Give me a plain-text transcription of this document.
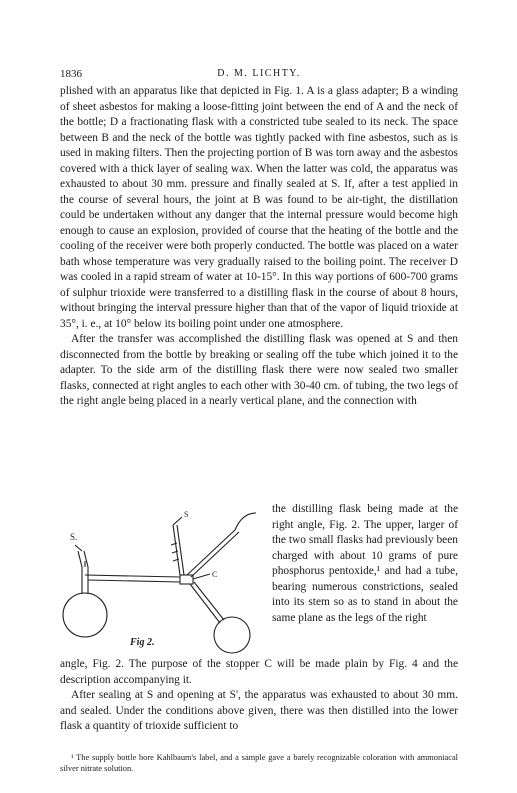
1836	D. M. LICHTY.

plished with an apparatus like that depicted in Fig. 1. A is a glass adapter; B a winding of sheet asbestos for making a loose-fitting joint between the end of A and the neck of the bottle; D a fractionating flask with a constricted tube sealed to its neck. The space between B and the neck of the bottle was tightly packed with fine asbestos, such as is used in making filters. Then the projecting portion of B was torn away and the asbestos covered with a thick layer of sealing wax. When the latter was cold, the apparatus was exhausted to about 30 mm. pressure and finally sealed at S. If, after a test applied in the course of several hours, the joint at B was found to be air-tight, the distillation could be undertaken without any danger that the internal pressure would become high enough to cause an explosion, provided of course that the heating of the bottle and the cooling of the receiver were both properly conducted. The bottle was placed on a water bath whose temperature was very gradually raised to the boiling point. The receiver D was cooled in a rapid stream of water at 10-15°. In this way portions of 600-700 grams of sulphur trioxide were transferred to a distilling flask in the course of about 8 hours, without bringing the interval pressure higher than that of the vapor of liquid trioxide at 35°, i. e., at 10° below its boiling point under one atmosphere.

After the transfer was accomplished the distilling flask was opened at S and then disconnected from the bottle by breaking or sealing off the tube which joined it to the adapter. To the side arm of the distilling flask there were now sealed two smaller flasks, connected at right angles to each other with 30-40 cm. of tubing, the two legs of the right angle being placed in a nearly vertical plane, and the connection with

S.
S
C
Fig 2.
the distilling flask being made at the right angle, Fig. 2. The upper, larger of the two small flasks had previously been charged with about 10 grams of pure phosphorus pentoxide,¹ and had a tube, bearing numerous constrictions, sealed into its stem so as to stand in about the same plane as the legs of the right

angle, Fig. 2. The purpose of the stopper C will be made plain by Fig. 4 and the description accompanying it.

After sealing at S and opening at S', the apparatus was exhausted to about 30 mm. and sealed. Under the conditions above given, there was then distilled into the lower flask a quantity of trioxide sufficient to

¹ The supply bottle bore Kahlbaum's label, and a sample gave a barely recognizable coloration with ammoniacal silver nitrate solution.
